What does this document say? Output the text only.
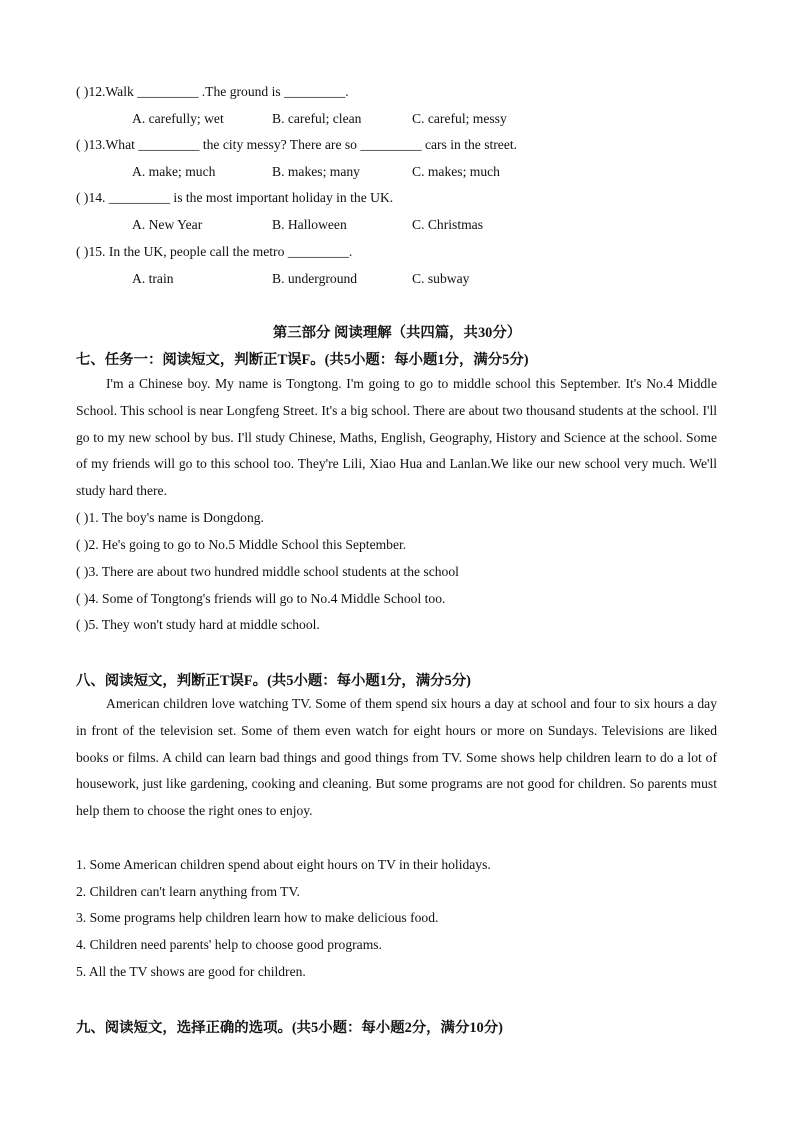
( )12.Walk _________ .The ground is _________.
A. carefully; wet	B. careful; clean	C. careful; messy
( )13.What _________ the city messy? There are so _________ cars in the street.
A. make; much	B. makes; many	C. makes; much
( )14. _________ is the most important holiday in the UK.
A. New Year	B. Halloween	C. Christmas
( )15. In the UK, people call the metro _________.
A. train	B. underground	C. subway
第三部分 阅读理解（共四篇，共30分）
七、任务一：阅读短文，判断正T误F。(共5小题：每小题1分，满分5分)

I'm a Chinese boy. My name is Tongtong. I'm going to go to middle school this September. It's No.4 Middle School. This school is near Longfeng Street. It's a big school. There are about two thousand students at the school. I'll go to my new school by bus. I'll study Chinese, Maths, English, Geography, History and Science at the school. Some of my friends will go to this school too. They're Lili, Xiao Hua and Lanlan.We like our new school very much. We'll study hard there.

( )1. The boy's name is Dongdong.
( )2. He's going to go to No.5 Middle School this September.
( )3. There are about two hundred middle school students at the school
( )4. Some of Tongtong's friends will go to No.4 Middle School too.
( )5. They won't study hard at middle school.
八、阅读短文，判断正T误F。(共5小题：每小题1分，满分5分)

American children love watching TV. Some of them spend six hours a day at school and four to six hours a day in front of the television set. Some of them even watch for eight hours or more on Sundays. Televisions are liked books or films. A child can learn bad things and good things from TV. Some shows help children learn to do a lot of housework, just like gardening, cooking and cleaning. But some programs are not good for children. So parents must help them to choose the right ones to enjoy.

1. Some American children spend about eight hours on TV in their holidays.
2. Children can't learn anything from TV.
3. Some programs help children learn how to make delicious food.
4. Children need parents' help to choose good programs.
5. All the TV shows are good for children.
九、阅读短文，选择正确的选项。(共5小题：每小题2分，满分10分)
